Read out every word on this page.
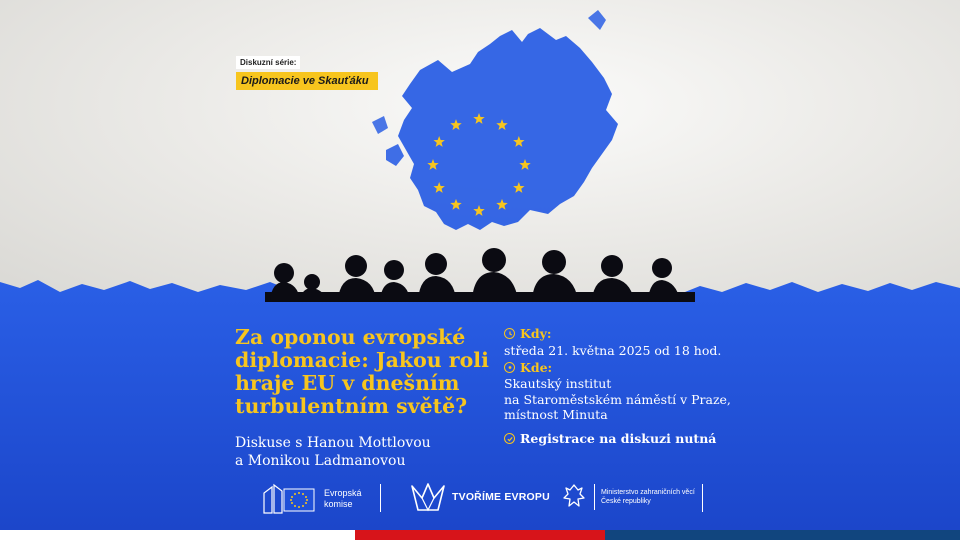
Diskuzní série:
Diplomacie ve Skauťáku
Za oponou evropské
diplomacie: Jakou roli
hraje EU v dnešním
turbulentním světě?
Diskuse s Hanou Mottlovou
a Monikou Ladmanovou
Kdy:
středa 21. května 2025 od 18 hod.
Kde:
Skautský institut
na Staroměstském náměstí v Praze,
místnost Minuta
Registrace na diskuzi nutná
Evropská
komise
TVOŘÍME EVROPU	Ministerstvo zahraničních věcí
České republiky
